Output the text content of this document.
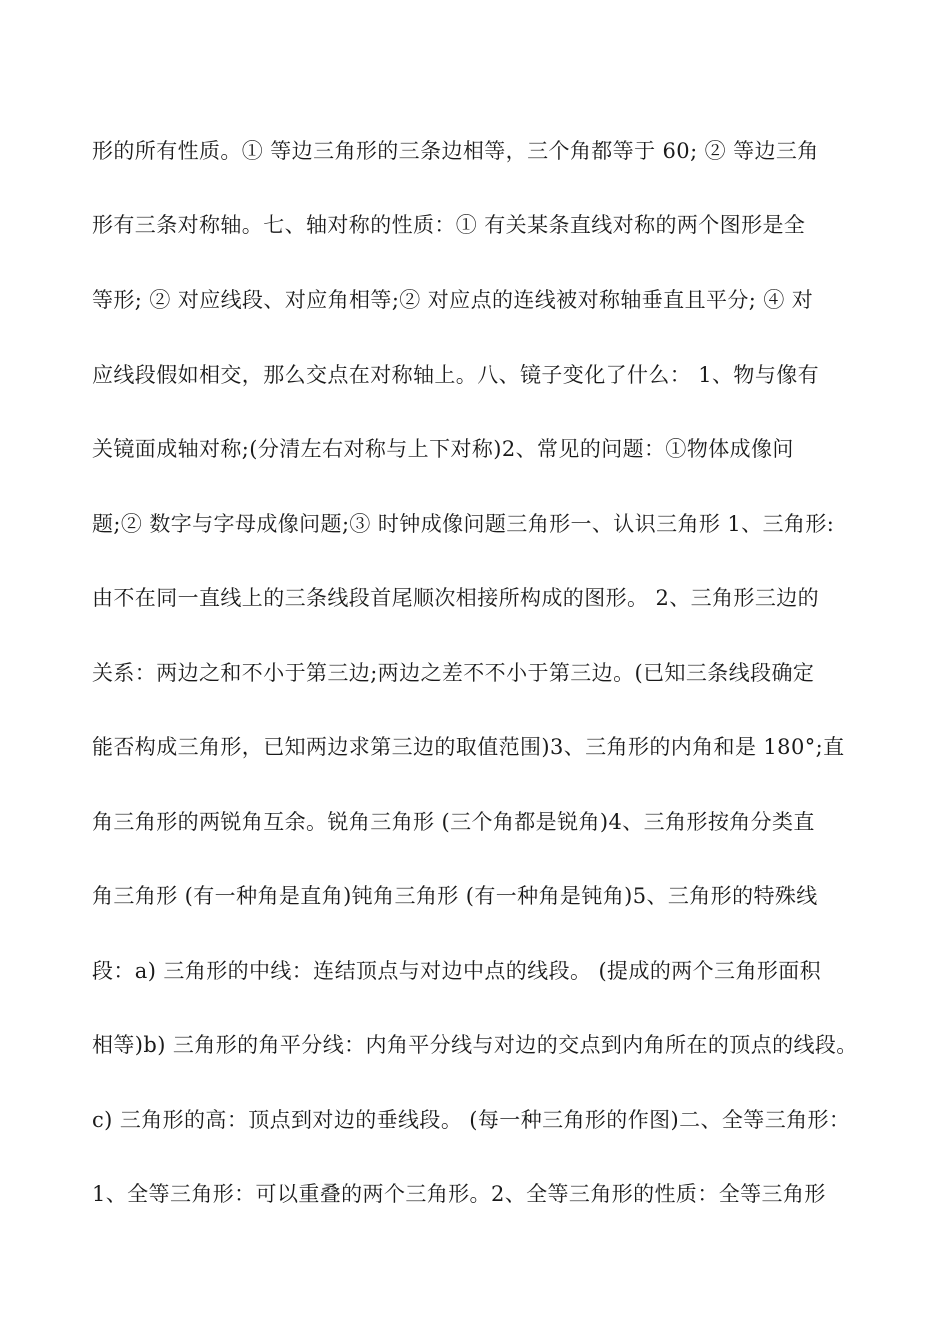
形的所有性质。① 等边三角形的三条边相等，三个角都等于 60; ② 等边三角

形有三条对称轴。七、轴对称的性质：① 有关某条直线对称的两个图形是全

等形; ② 对应线段、对应角相等;② 对应点的连线被对称轴垂直且平分; ④ 对

应线段假如相交，那么交点在对称轴上。八、镜子变化了什么： 1、物与像有

关镜面成轴对称;(分清左右对称与上下对称)2、常见的问题：①物体成像问

题;② 数字与字母成像问题;③ 时钟成像问题三角形一、认识三角形 1、三角形:

由不在同一直线上的三条线段首尾顺次相接所构成的图形。 2、三角形三边的

关系：两边之和不小于第三边;两边之差不不小于第三边。(已知三条线段确定

能否构成三角形，已知两边求第三边的取值范围)3、三角形的内角和是 180°;直

角三角形的两锐角互余。锐角三角形 (三个角都是锐角)4、三角形按角分类直

角三角形 (有一种角是直角)钝角三角形 (有一种角是钝角)5、三角形的特殊线

段：a) 三角形的中线：连结顶点与对边中点的线段。 (提成的两个三角形面积

相等)b) 三角形的角平分线：内角平分线与对边的交点到内角所在的顶点的线段。

c) 三角形的高：顶点到对边的垂线段。 (每一种三角形的作图)二、全等三角形：

1、全等三角形：可以重叠的两个三角形。2、全等三角形的性质：全等三角形
